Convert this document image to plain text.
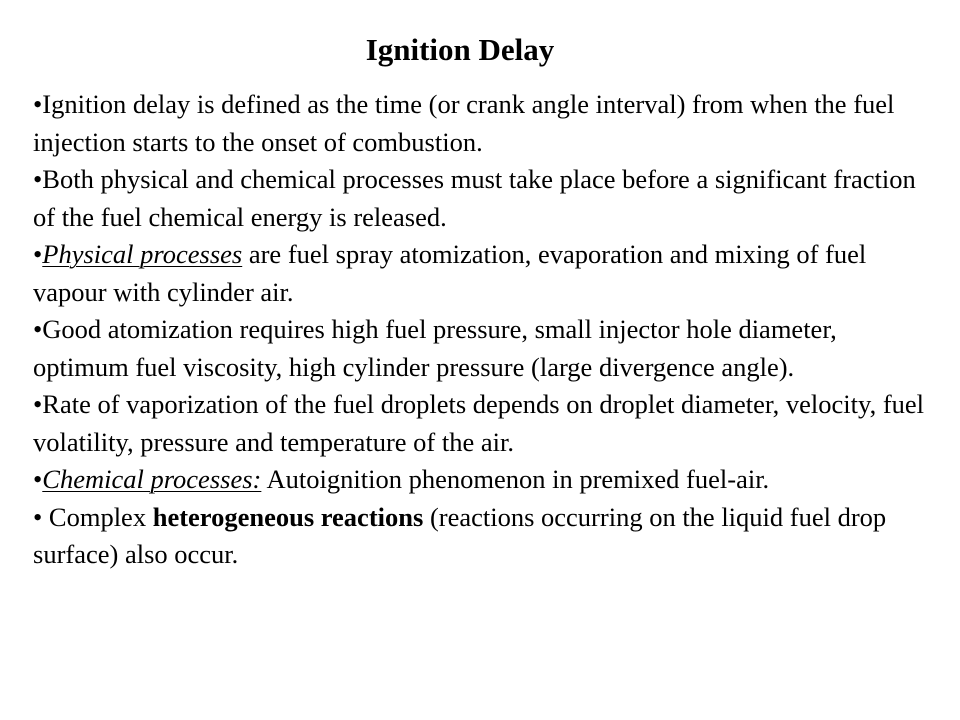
Ignition Delay

•Ignition delay is defined as the time (or crank angle interval) from when the fuel injection starts to the onset of combustion.

•Both physical and chemical processes must take place before a significant fraction of the fuel chemical energy is released.

•Physical processes are fuel spray atomization, evaporation and mixing of fuel vapour with cylinder air.

•Good atomization requires high fuel pressure, small injector hole diameter, optimum fuel viscosity, high cylinder pressure (large divergence angle).

•Rate of vaporization of the fuel droplets depends on droplet diameter, velocity, fuel volatility, pressure and temperature of the air.

•Chemical processes: Autoignition phenomenon in premixed fuel-air.

• Complex heterogeneous reactions (reactions occurring on the liquid fuel drop surface) also occur.
